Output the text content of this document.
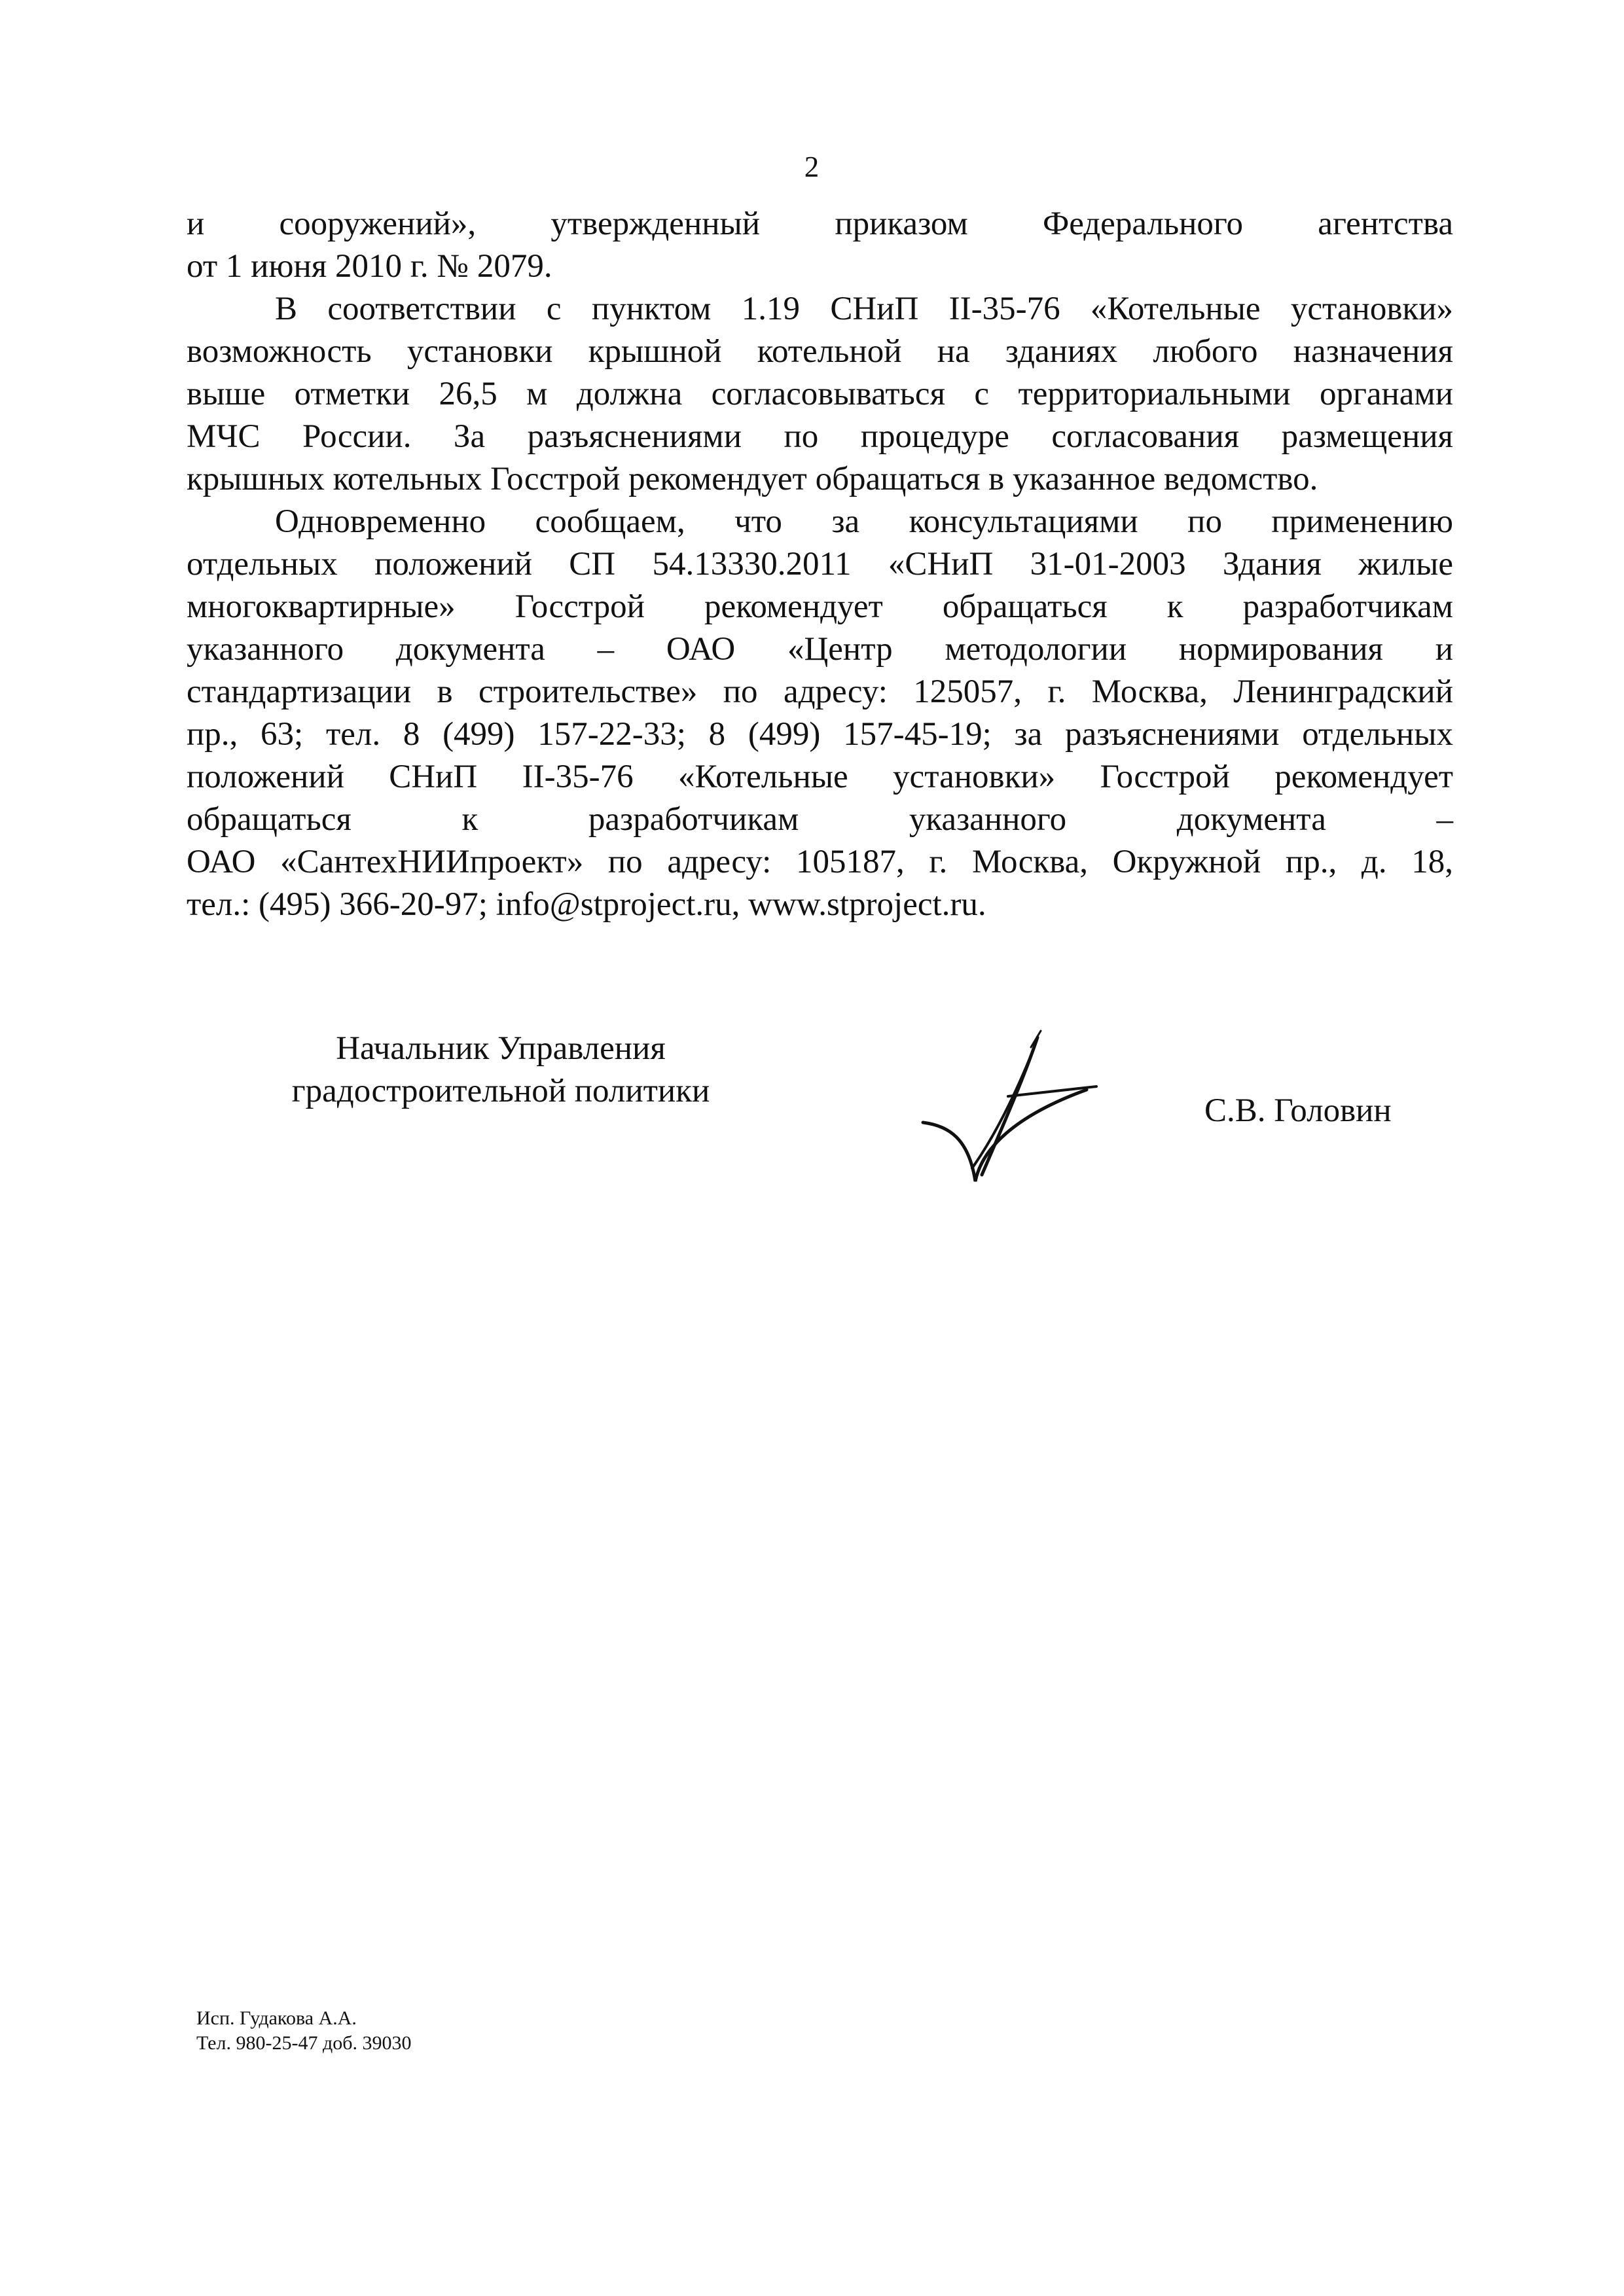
2
и сооружений», утвержденный приказом Федерального агентства
от 1 июня 2010 г. № 2079.
В соответствии с пунктом 1.19 СНиП II-35-76 «Котельные установки»
возможность установки крышной котельной на зданиях любого назначения
выше отметки 26,5 м должна согласовываться с территориальными органами
МЧС России. За разъяснениями по процедуре согласования размещения
крышных котельных Госстрой рекомендует обращаться в указанное ведомство.
Одновременно сообщаем, что за консультациями по применению
отдельных положений СП 54.13330.2011 «СНиП 31-01-2003 Здания жилые
многоквартирные» Госстрой рекомендует обращаться к разработчикам
указанного документа – ОАО «Центр методологии нормирования и
стандартизации в строительстве» по адресу: 125057, г. Москва, Ленинградский
пр., 63; тел. 8 (499) 157-22-33; 8 (499) 157-45-19; за разъяснениями отдельных
положений СНиП II-35-76 «Котельные установки» Госстрой рекомендует
обращаться к разработчикам указанного документа –
ОАО «СантехНИИпроект» по адресу: 105187, г. Москва, Окружной пр., д. 18,
тел.: (495) 366-20-97; info@stproject.ru, www.stproject.ru.
Начальник Управления
градостроительной политики
С.В. Головин
Исп. Гудакова А.А.
Тел. 980-25-47 доб. 39030
